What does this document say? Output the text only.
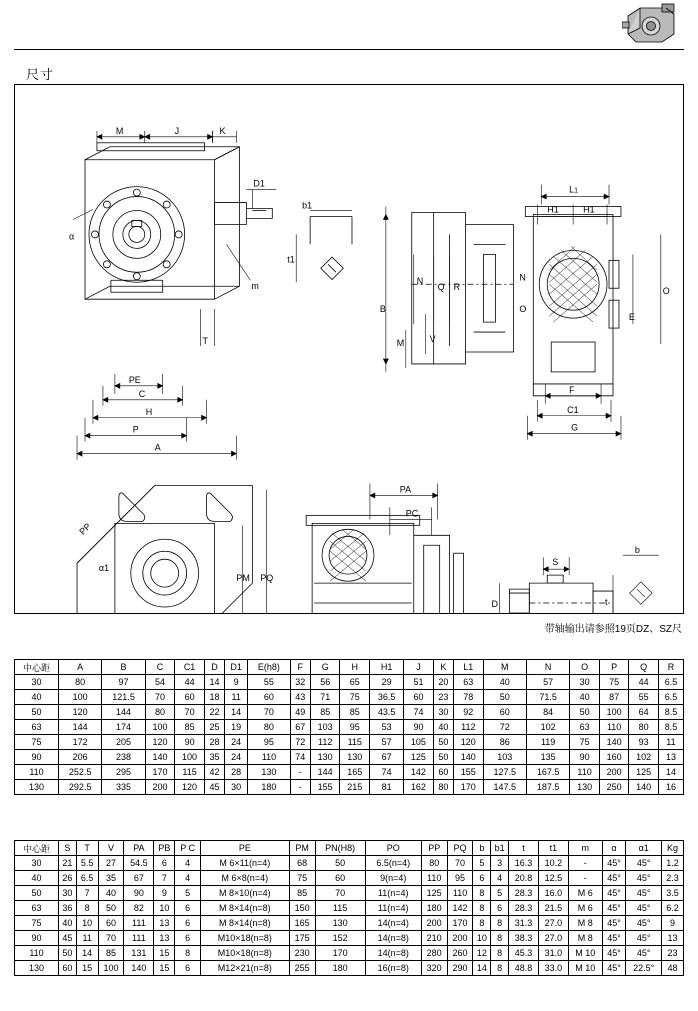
尺寸
M	J	K
D1
α
m
T
PE
C
H
P
A
b1
t1
B
N
Q R
M	V
L1
H1	H1
E
O
N
O
F
C1
G
PP
α1
PM PQ
PA
PC
S
D
b
t
带轴输出请参照19页DZ、SZ尺
中心距	A	B	C	C1	D	D1	E(h8)	F	G	H	H1	J	K	L1	M	N	O	P	Q	R
30	80	97	54	44	14	9	55	32	56	65	29	51	20	63	40	57	30	75	44	6.5
40	100	121.5	70	60	18	11	60	43	71	75	36.5	60	23	78	50	71.5	40	87	55	6.5
50	120	144	80	70	22	14	70	49	85	85	43.5	74	30	92	60	84	50	100	64	8.5
63	144	174	100	85	25	19	80	67	103	95	53	90	40	112	72	102	63	110	80	8.5
75	172	205	120	90	28	24	95	72	112	115	57	105	50	120	86	119	75	140	93	11
90	206	238	140	100	35	24	110	74	130	130	67	125	50	140	103	135	90	160	102	13
110	252.5	295	170	115	42	28	130	-	144	165	74	142	60	155	127.5	167.5	110	200	125	14
130	292.5	335	200	120	45	30	180	-	155	215	81	162	80	170	147.5	187.5	130	250	140	16
中心距	S	T	V	PA	PB	P C	PE	PM	PN(H8)	PO	PP	PQ	b	b1	t	t1	m	α	α1	Kg
30	21	5.5	27	54.5	6	4	M 6×11(n=4)	68	50	6.5(n=4)	80	70	5	3	16.3	10.2	-	45°	45°	1.2
40	26	6.5	35	67	7	4	M 6×8(n=4)	75	60	9(n=4)	110	95	6	4	20.8	12.5	-	45°	45°	2.3
50	30	7	40	90	9	5	M 8×10(n=4)	85	70	11(n=4)	125	110	8	5	28.3	16.0	M 6	45°	45°	3.5
63	36	8	50	82	10	6	M 8×14(n=8)	150	115	11(n=4)	180	142	8	6	28.3	21.5	M 6	45°	45°	6.2
75	40	10	60	111	13	6	M 8×14(n=8)	165	130	14(n=4)	200	170	8	8	31.3	27.0	M 8	45°	45°	9
90	45	11	70	111	13	6	M10×18(n=8)	175	152	14(n=8)	210	200	10	8	38.3	27.0	M 8	45°	45°	13
110	50	14	85	131	15	8	M10×18(n=8)	230	170	14(n=8)	280	260	12	8	45.3	31.0	M 10	45°	45°	23
130	60	15	100	140	15	6	M12×21(n=8)	255	180	16(n=8)	320	290	14	8	48.8	33.0	M 10	45°	22.5°	48
